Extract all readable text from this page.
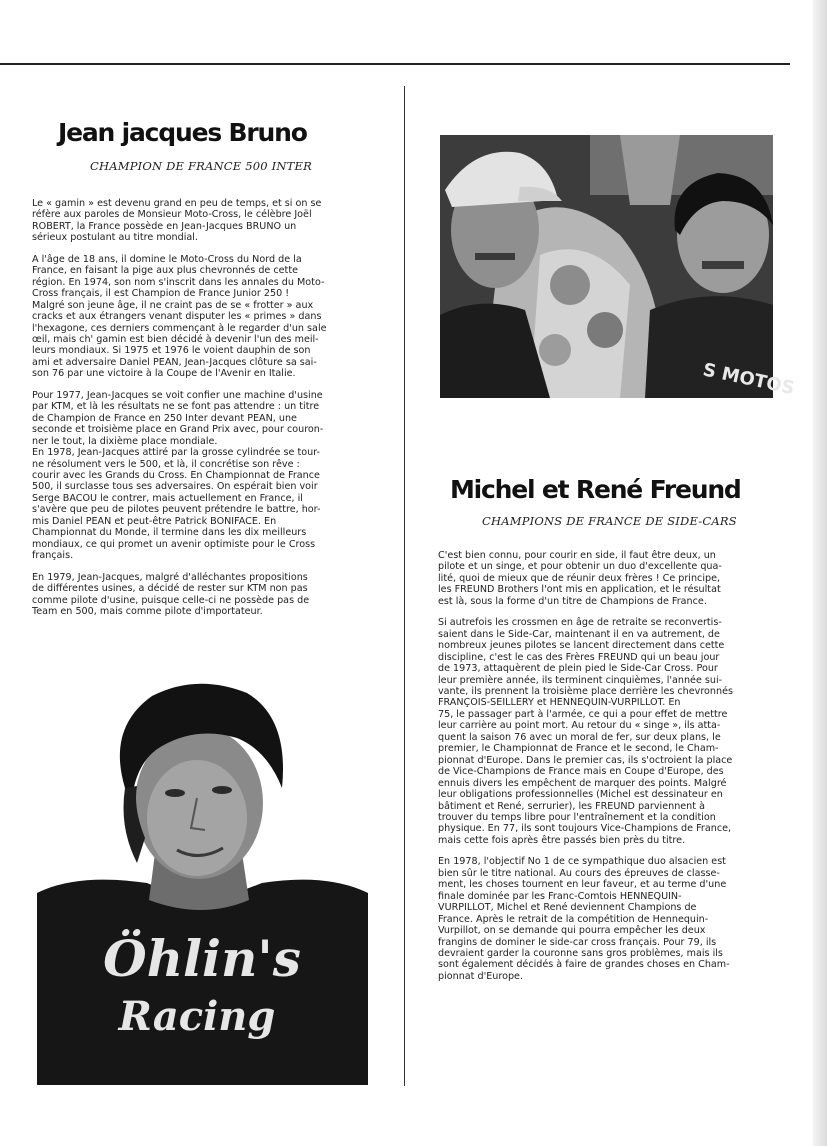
Jean jacques Bruno
CHAMPION DE FRANCE 500 INTER

Le « gamin » est devenu grand en peu de temps, et si on se
réfère aux paroles de Monsieur Moto-Cross, le célèbre Joël
ROBERT, la France possède en Jean-Jacques BRUNO un
sérieux postulant au titre mondial.

A l'âge de 18 ans, il domine le Moto-Cross du Nord de la
France, en faisant la pige aux plus chevronnés de cette
région. En 1974, son nom s'inscrit dans les annales du Moto-
Cross français, il est Champion de France Junior 250 !
Malgré son jeune âge, il ne craint pas de se « frotter » aux
cracks et aux étrangers venant disputer les « primes » dans
l'hexagone, ces derniers commençant à le regarder d'un sale
œil, mais ch' gamin est bien décidé à devenir l'un des meil-
leurs mondiaux. Si 1975 et 1976 le voient dauphin de son
ami et adversaire Daniel PEAN, Jean-Jacques clôture sa sai-
son 76 par une victoire à la Coupe de l'Avenir en Italie.

Pour 1977, Jean-Jacques se voit confier une machine d'usine
par KTM, et là les résultats ne se font pas attendre : un titre
de Champion de France en 250 Inter devant PEAN, une
seconde et troisième place en Grand Prix avec, pour couron-
ner le tout, la dixième place mondiale.
En 1978, Jean-Jacques attiré par la grosse cylindrée se tour-
ne résolument vers le 500, et là, il concrétise son rêve :
courir avec les Grands du Cross. En Championnat de France
500, il surclasse tous ses adversaires. On espérait bien voir
Serge BACOU le contrer, mais actuellement en France, il
s'avère que peu de pilotes peuvent prétendre le battre, hor-
mis Daniel PEAN et peut-être Patrick BONIFACE. En
Championnat du Monde, il termine dans les dix meilleurs
mondiaux, ce qui promet un avenir optimiste pour le Cross
français.

En 1979, Jean-Jacques, malgré d'alléchantes propositions
de différentes usines, a décidé de rester sur KTM non pas
comme pilote d'usine, puisque celle-ci ne possède pas de
Team en 500, mais comme pilote d'importateur.

Öhlin's
Racing
S MOTOS
Michel et René Freund
CHAMPIONS DE FRANCE DE SIDE-CARS

C'est bien connu, pour courir en side, il faut être deux, un
pilote et un singe, et pour obtenir un duo d'excellente qua-
lité, quoi de mieux que de réunir deux frères ! Ce principe,
les FREUND Brothers l'ont mis en application, et le résultat
est là, sous la forme d'un titre de Champions de France.

Si autrefois les crossmen en âge de retraite se reconvertis-
saient dans le Side-Car, maintenant il en va autrement, de
nombreux jeunes pilotes se lancent directement dans cette
discipline, c'est le cas des Frères FREUND qui un beau jour
de 1973, attaquèrent de plein pied le Side-Car Cross. Pour
leur première année, ils terminent cinquièmes, l'année sui-
vante, ils prennent la troisième place derrière les chevronnés
FRANÇOIS-SEILLERY et HENNEQUIN-VURPILLOT. En
75, le passager part à l'armée, ce qui a pour effet de mettre
leur carrière au point mort. Au retour du « singe », ils atta-
quent la saison 76 avec un moral de fer, sur deux plans, le
premier, le Championnat de France et le second, le Cham-
pionnat d'Europe. Dans le premier cas, ils s'octroient la place
de Vice-Champions de France mais en Coupe d'Europe, des
ennuis divers les empêchent de marquer des points. Malgré
leur obligations professionnelles (Michel est dessinateur en
bâtiment et René, serrurier), les FREUND parviennent à
trouver du temps libre pour l'entraînement et la condition
physique. En 77, ils sont toujours Vice-Champions de France,
mais cette fois après être passés bien près du titre.

En 1978, l'objectif No 1 de ce sympathique duo alsacien est
bien sûr le titre national. Au cours des épreuves de classe-
ment, les choses tournent en leur faveur, et au terme d'une
finale dominée par les Franc-Comtois HENNEQUIN-
VURPILLOT, Michel et René deviennent Champions de
France. Après le retrait de la compétition de Hennequin-
Vurpillot, on se demande qui pourra empêcher les deux
frangins de dominer le side-car cross français. Pour 79, ils
devraient garder la couronne sans gros problèmes, mais ils
sont également décidés à faire de grandes choses en Cham-
pionnat d'Europe.
